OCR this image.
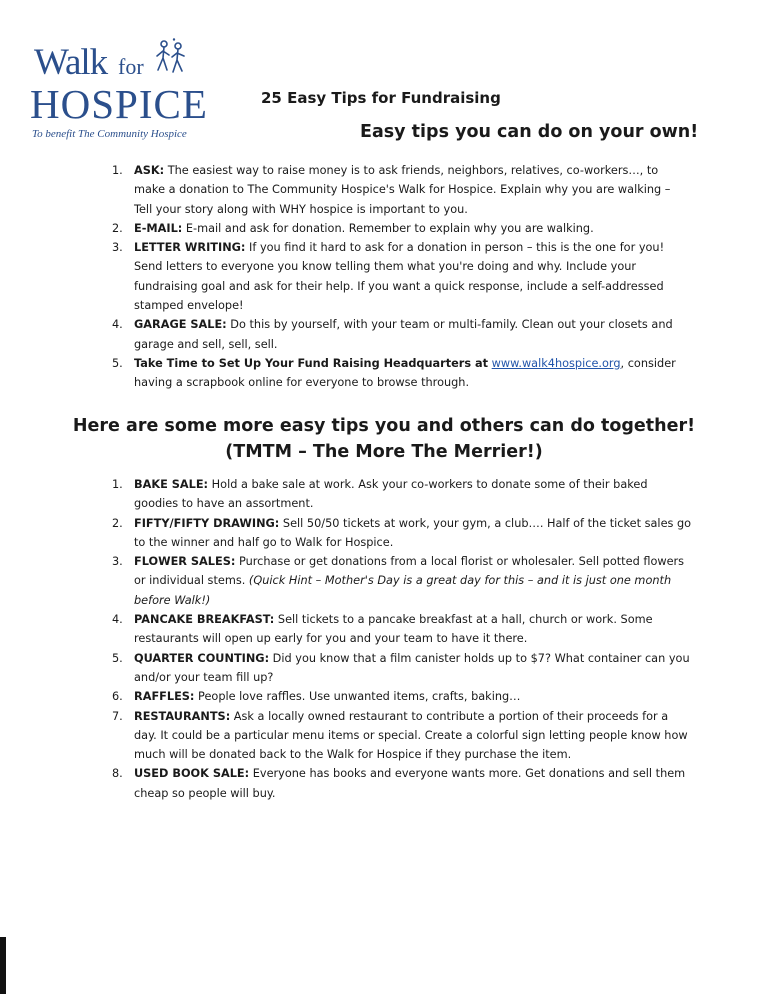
Walk for
HOSPICE
To benefit The Community Hospice
25 Easy Tips for Fundraising
Easy tips you can do on your own!
1. ASK: The easiest way to raise money is to ask friends, neighbors, relatives, co-workers…, to make a donation to The Community Hospice's Walk for Hospice. Explain why you are walking – Tell your story along with WHY hospice is important to you.
2. E-MAIL: E-mail and ask for donation. Remember to explain why you are walking.
3. LETTER WRITING: If you find it hard to ask for a donation in person – this is the one for you! Send letters to everyone you know telling them what you're doing and why. Include your fundraising goal and ask for their help. If you want a quick response, include a self-addressed stamped envelope!
4. GARAGE SALE: Do this by yourself, with your team or multi-family. Clean out your closets and garage and sell, sell, sell.
5. Take Time to Set Up Your Fund Raising Headquarters at www.walk4hospice.org, consider having a scrapbook online for everyone to browse through.
Here are some more easy tips you and others can do together!
(TMTM – The More The Merrier!)
1. BAKE SALE: Hold a bake sale at work. Ask your co-workers to donate some of their baked goodies to have an assortment.
2. FIFTY/FIFTY DRAWING: Sell 50/50 tickets at work, your gym, a club…. Half of the ticket sales go to the winner and half go to Walk for Hospice.
3. FLOWER SALES: Purchase or get donations from a local florist or wholesaler. Sell potted flowers or individual stems. (Quick Hint – Mother's Day is a great day for this – and it is just one month before Walk!)
4. PANCAKE BREAKFAST: Sell tickets to a pancake breakfast at a hall, church or work. Some restaurants will open up early for you and your team to have it there.
5. QUARTER COUNTING: Did you know that a film canister holds up to $7? What container can you and/or your team fill up?
6. RAFFLES: People love raffles. Use unwanted items, crafts, baking…
7. RESTAURANTS: Ask a locally owned restaurant to contribute a portion of their proceeds for a day. It could be a particular menu items or special. Create a colorful sign letting people know how much will be donated back to the Walk for Hospice if they purchase the item.
8. USED BOOK SALE: Everyone has books and everyone wants more. Get donations and sell them cheap so people will buy.
